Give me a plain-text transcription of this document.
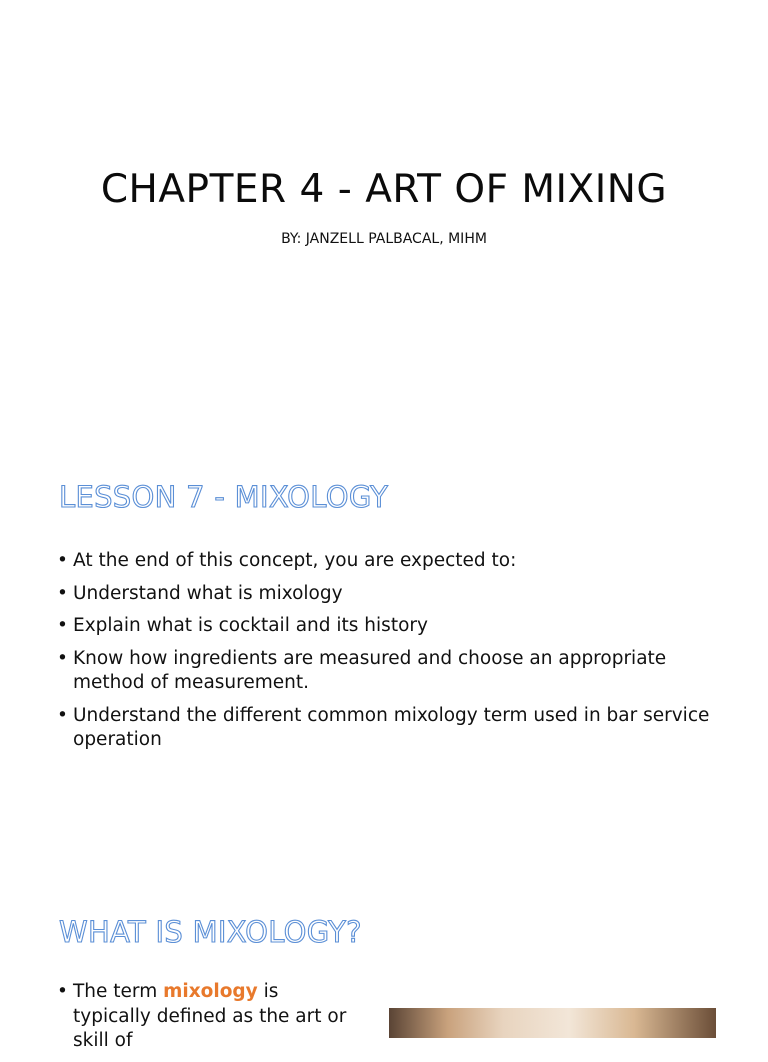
CHAPTER 4 - ART OF MIXING
BY: JANZELL PALBACAL, MIHM
LESSON 7 - MIXOLOGY
• At the end of this concept, you are expected to:
• Understand what is mixology
• Explain what is cocktail and its history
• Know how ingredients are measured and choose an appropriate method of measurement.
• Understand the different common mixology term used in bar service operation
WHAT IS MIXOLOGY?
• The term mixology is typically defined as the art or skill of
